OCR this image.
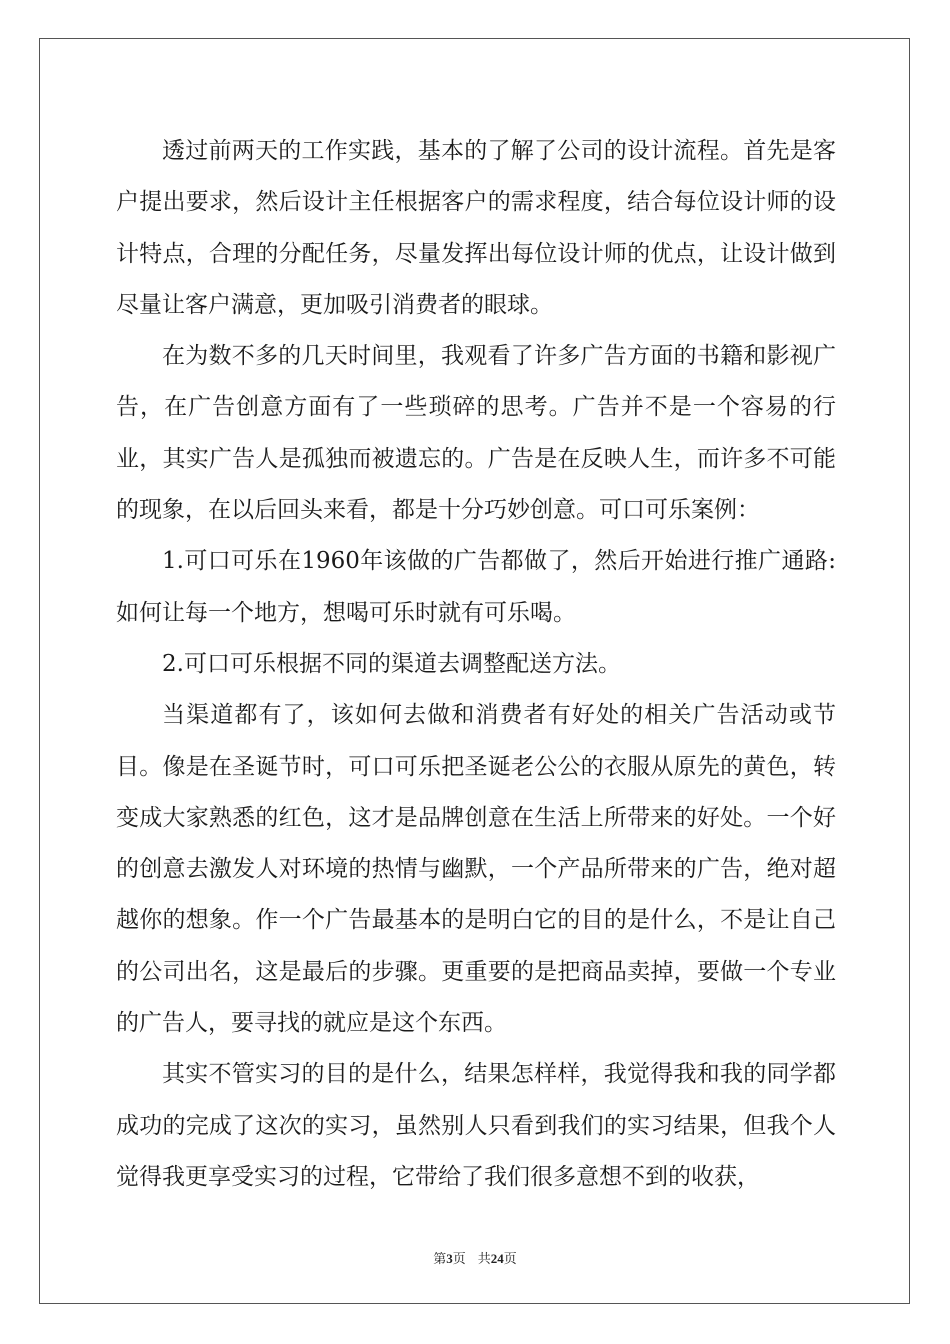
透过前两天的工作实践，基本的了解了公司的设计流程。首先是客户提出要求，然后设计主任根据客户的需求程度，结合每位设计师的设计特点，合理的分配任务，尽量发挥出每位设计师的优点，让设计做到尽量让客户满意，更加吸引消费者的眼球。

在为数不多的几天时间里，我观看了许多广告方面的书籍和影视广告，在广告创意方面有了一些琐碎的思考。广告并不是一个容易的行业，其实广告人是孤独而被遗忘的。广告是在反映人生，而许多不可能的现象，在以后回头来看，都是十分巧妙创意。可口可乐案例：

1.可口可乐在1960年该做的广告都做了，然后开始进行推广通路:如何让每一个地方，想喝可乐时就有可乐喝。

2.可口可乐根据不同的渠道去调整配送方法。

当渠道都有了，该如何去做和消费者有好处的相关广告活动或节目。像是在圣诞节时，可口可乐把圣诞老公公的衣服从原先的黄色，转变成大家熟悉的红色，这才是品牌创意在生活上所带来的好处。一个好的创意去激发人对环境的热情与幽默，一个产品所带来的广告，绝对超越你的想象。作一个广告最基本的是明白它的目的是什么，不是让自己的公司出名，这是最后的步骤。更重要的是把商品卖掉，要做一个专业的广告人，要寻找的就应是这个东西。

其实不管实习的目的是什么，结果怎样样，我觉得我和我的同学都成功的完成了这次的实习，虽然别人只看到我们的实习结果，但我个人觉得我更享受实习的过程，它带给了我们很多意想不到的收获，

第3页 共24页
